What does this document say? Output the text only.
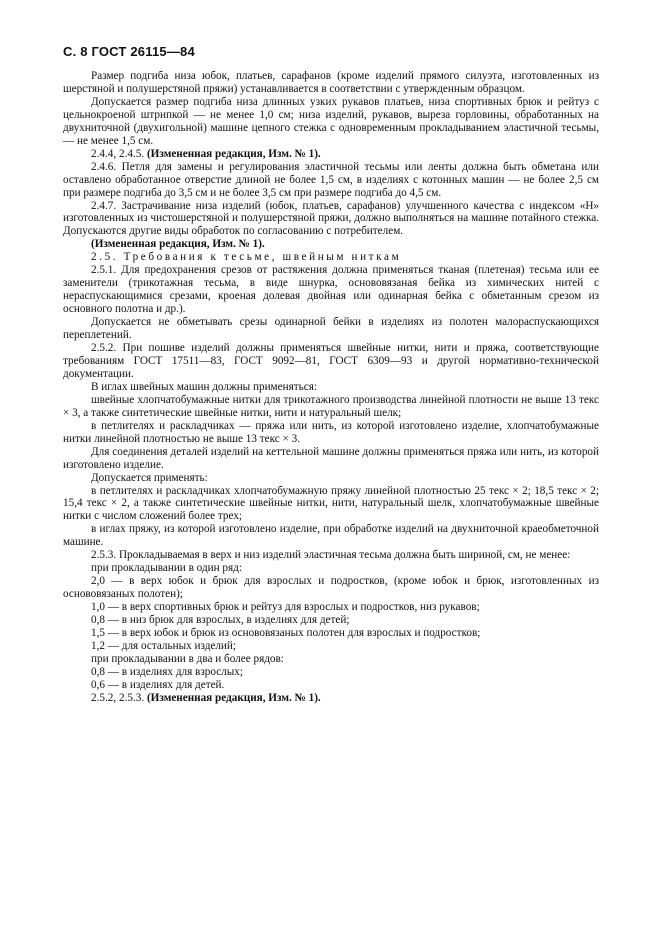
С. 8 ГОСТ 26115—84

Размер подгиба низа юбок, платьев, сарафанов (кроме изделий прямого силуэта, изготовленных из шерстяной и полушерстяной пряжи) устанавливается в соответствии с утвержденным образцом.

Допускается размер подгиба низа длинных узких рукавов платьев, низа спортивных брюк и рейтуз с цельнокроеной штрипкой — не менее 1,0 см; низа изделий, рукавов, выреза горловины, обработанных на двухниточной (двухигольной) машине цепного стежка с одновременным прокладыванием эластичной тесьмы, — не менее 1,5 см.

2.4.4, 2.4.5. (Измененная редакция, Изм. № 1).

2.4.6. Петля для замены и регулирования эластичной тесьмы или ленты должна быть обметана или оставлено обработанное отверстие длиной не более 1,5 см, в изделиях с котонных машин — не более 2,5 см при размере подгиба до 3,5 см и не более 3,5 см при размере подгиба до 4,5 см.

2.4.7. Застрачивание низа изделий (юбок, платьев, сарафанов) улучшенного качества с индексом «Н» изготовленных из чистошерстяной и полушерстяной пряжи, должно выполняться на машине потайного стежка. Допускаются другие виды обработок по согласованию с потребителем.

(Измененная редакция, Изм. № 1).

2.5. Требования к тесьме, швейным ниткам

2.5.1. Для предохранения срезов от растяжения должна применяться тканая (плетеная) тесьма или ее заменители (трикотажная тесьма, в виде шнурка, основовязаная бейка из химических нитей с нераспускающимися срезами, кроеная долевая двойная или одинарная бейка с обметанным срезом из основного полотна и др.).

Допускается не обметывать срезы одинарной бейки в изделиях из полотен малораспускающихся переплетений.

2.5.2. При пошиве изделий должны применяться швейные нитки, нити и пряжа, соответствующие требованиям ГОСТ 17511—83, ГОСТ 9092—81, ГОСТ 6309—93 и другой нормативно-технической документации.

В иглах швейных машин должны применяться:

швейные хлопчатобумажные нитки для трикотажного производства линейной плотности не выше 13 текс × 3, а также синтетические швейные нитки, нити и натуральный шелк;

в петлителях и раскладчиках — пряжа или нить, из которой изготовлено изделие, хлопчатобумажные нитки линейной плотностью не выше 13 текс × 3.

Для соединения деталей изделий на кеттельной машине должны применяться пряжа или нить, из которой изготовлено изделие.

Допускается применять:

в петлителях и раскладчиках хлопчатобумажную пряжу линейной плотностью 25 текс × 2; 18,5 текс × 2; 15,4 текс × 2, а также синтетические швейные нитки, нити, натуральный шелк, хлопчатобумажные швейные нитки с числом сложений более трех;

в иглах пряжу, из которой изготовлено изделие, при обработке изделий на двухниточной краеобметочной машине.

2.5.3. Прокладываемая в верх и низ изделий эластичная тесьма должна быть шириной, см, не менее:

при прокладывании в один ряд:

2,0 — в верх юбок и брюк для взрослых и подростков, (кроме юбок и брюк, изготовленных из основовязаных полотен);

1,0 — в верх спортивных брюк и рейтуз для взрослых и подростков, низ рукавов;

0,8 — в низ брюк для взрослых, в изделиях для детей;

1,5 — в верх юбок и брюк из основовязаных полотен для взрослых и подростков;

1,2 — для остальных изделий;

при прокладывании в два и более рядов:

0,8 — в изделиях для взрослых;

0,6 — в изделиях для детей.

2.5.2, 2.5.3. (Измененная редакция, Изм. № 1).
